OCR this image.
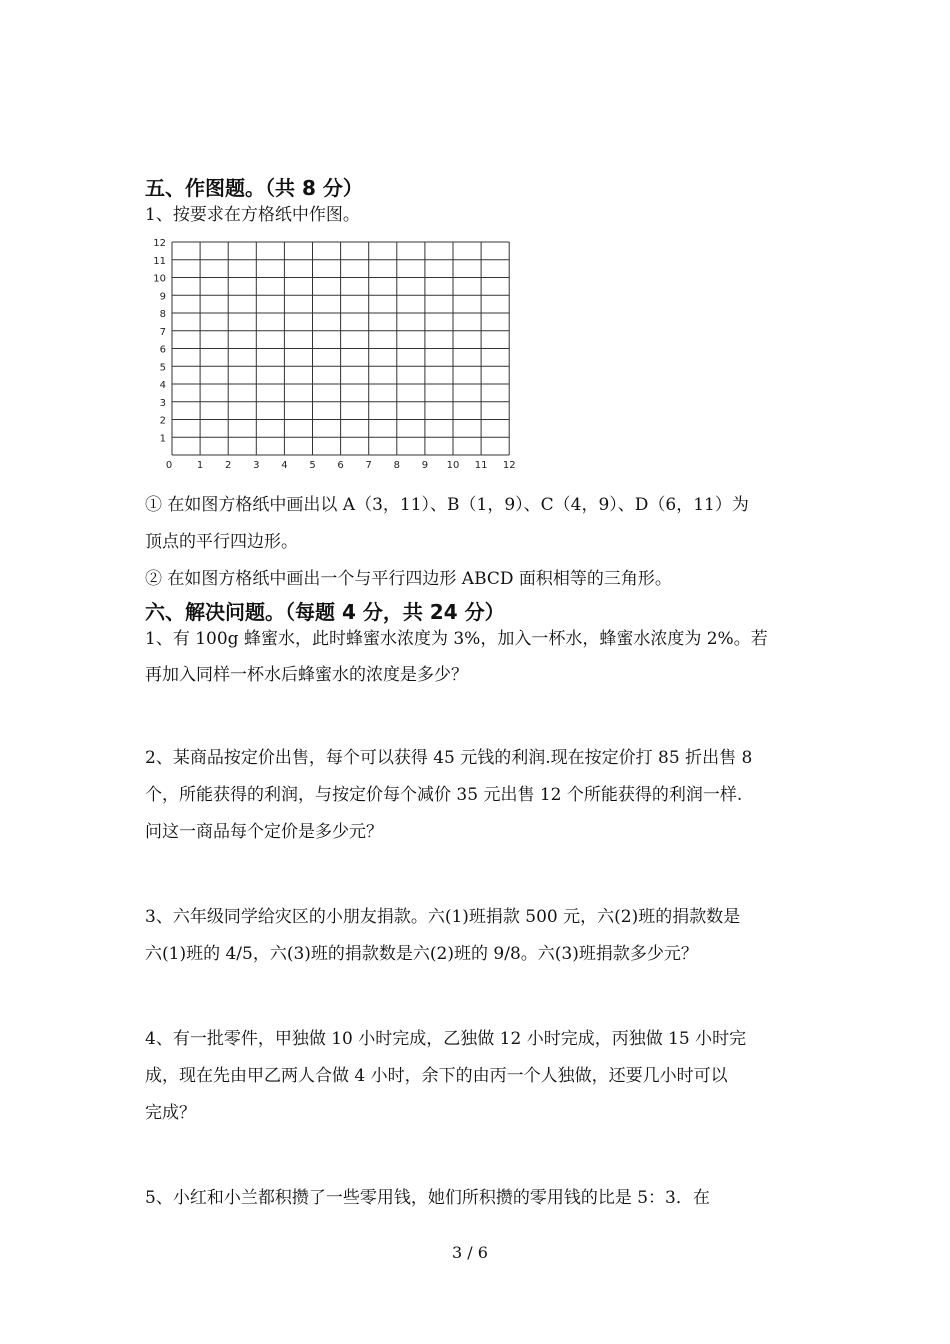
五、作图题。（共 8 分）
1、按要求在方格纸中作图。
0 1 2 3 4 5 6 7 8 9 10 11 12
1
2
3
4
5
6
7
8
9
10
11
12
① 在如图方格纸中画出以 A（3，11）、B（1，9）、C（4，9）、D（6，11）为
顶点的平行四边形。
② 在如图方格纸中画出一个与平行四边形 ABCD 面积相等的三角形。
六、解决问题。（每题 4 分，共 24 分）
1、有 100g 蜂蜜水，此时蜂蜜水浓度为 3%，加入一杯水，蜂蜜水浓度为 2%。若
再加入同样一杯水后蜂蜜水的浓度是多少？
2、某商品按定价出售，每个可以获得 45 元钱的利润.现在按定价打 85 折出售 8
个，所能获得的利润，与按定价每个减价 35 元出售 12 个所能获得的利润一样.
问这一商品每个定价是多少元？
3、六年级同学给灾区的小朋友捐款。六(1)班捐款 500 元，六(2)班的捐款数是
六(1)班的 4/5，六(3)班的捐款数是六(2)班的 9/8。六(3)班捐款多少元？
4、有一批零件，甲独做 10 小时完成，乙独做 12 小时完成，丙独做 15 小时完
成，现在先由甲乙两人合做 4 小时，余下的由丙一个人独做，还要几小时可以
完成？
5、小红和小兰都积攒了一些零用钱，她们所积攒的零用钱的比是 5：3．在
3 / 6
